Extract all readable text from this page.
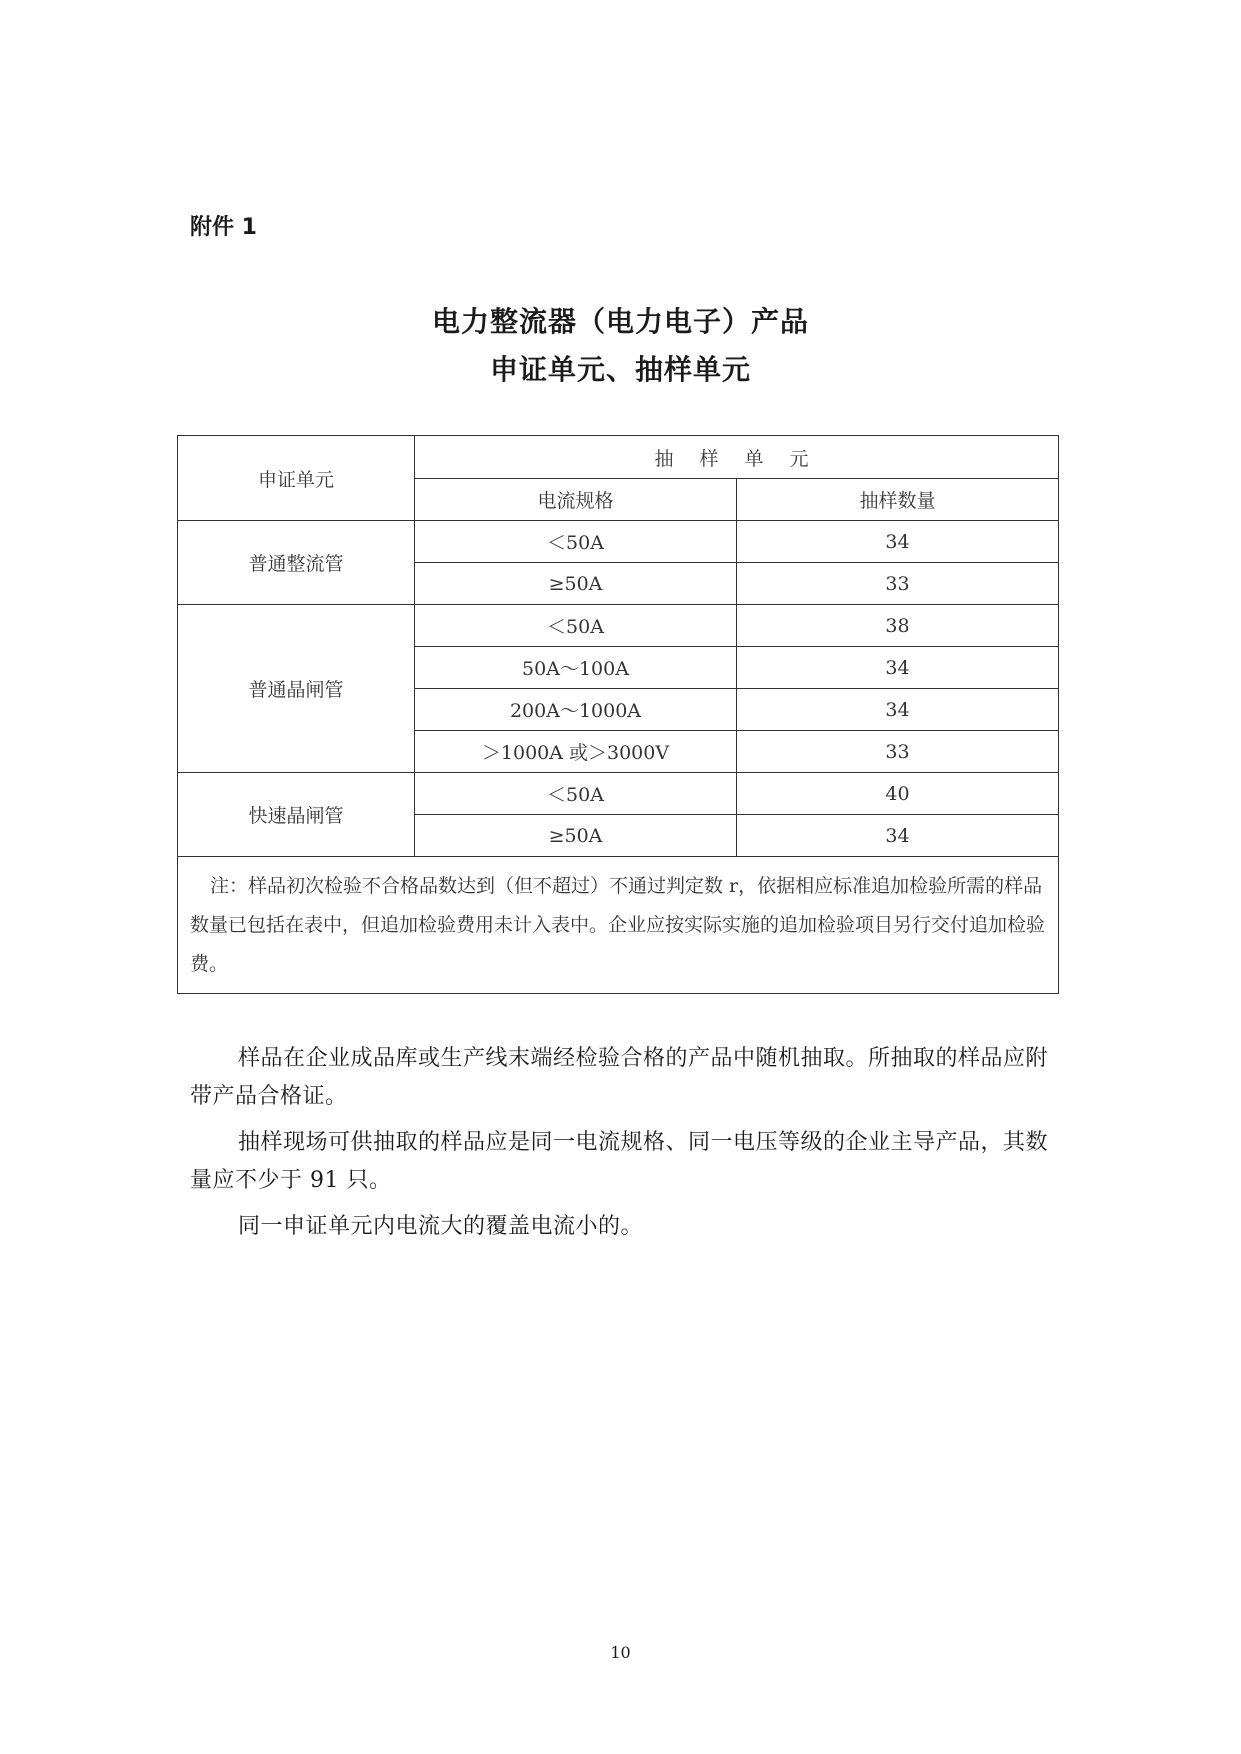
附件 1
电力整流器（电力电子）产品
申证单元、抽样单元
申证单元	抽 样 单 元	
	电流规格	抽样数量
普通整流管	＜50A	34
	≥50A	33
普通晶闸管	＜50A	38
	50A～100A	34
	200A～1000A	34
	＞1000A 或＞3000V	33
快速晶闸管	＜50A	40
	≥50A	34
注：样品初次检验不合格品数达到（但不超过）不通过判定数 r，依据相应标准追加检验所需的样品数量已包括在表中，但追加检验费用未计入表中。企业应按实际实施的追加检验项目另行交付追加检验费。		
样品在企业成品库或生产线末端经检验合格的产品中随机抽取。所抽取的样品应附带产品合格证。
抽样现场可供抽取的样品应是同一电流规格、同一电压等级的企业主导产品，其数量应不少于 91 只。
同一申证单元内电流大的覆盖电流小的。
10
